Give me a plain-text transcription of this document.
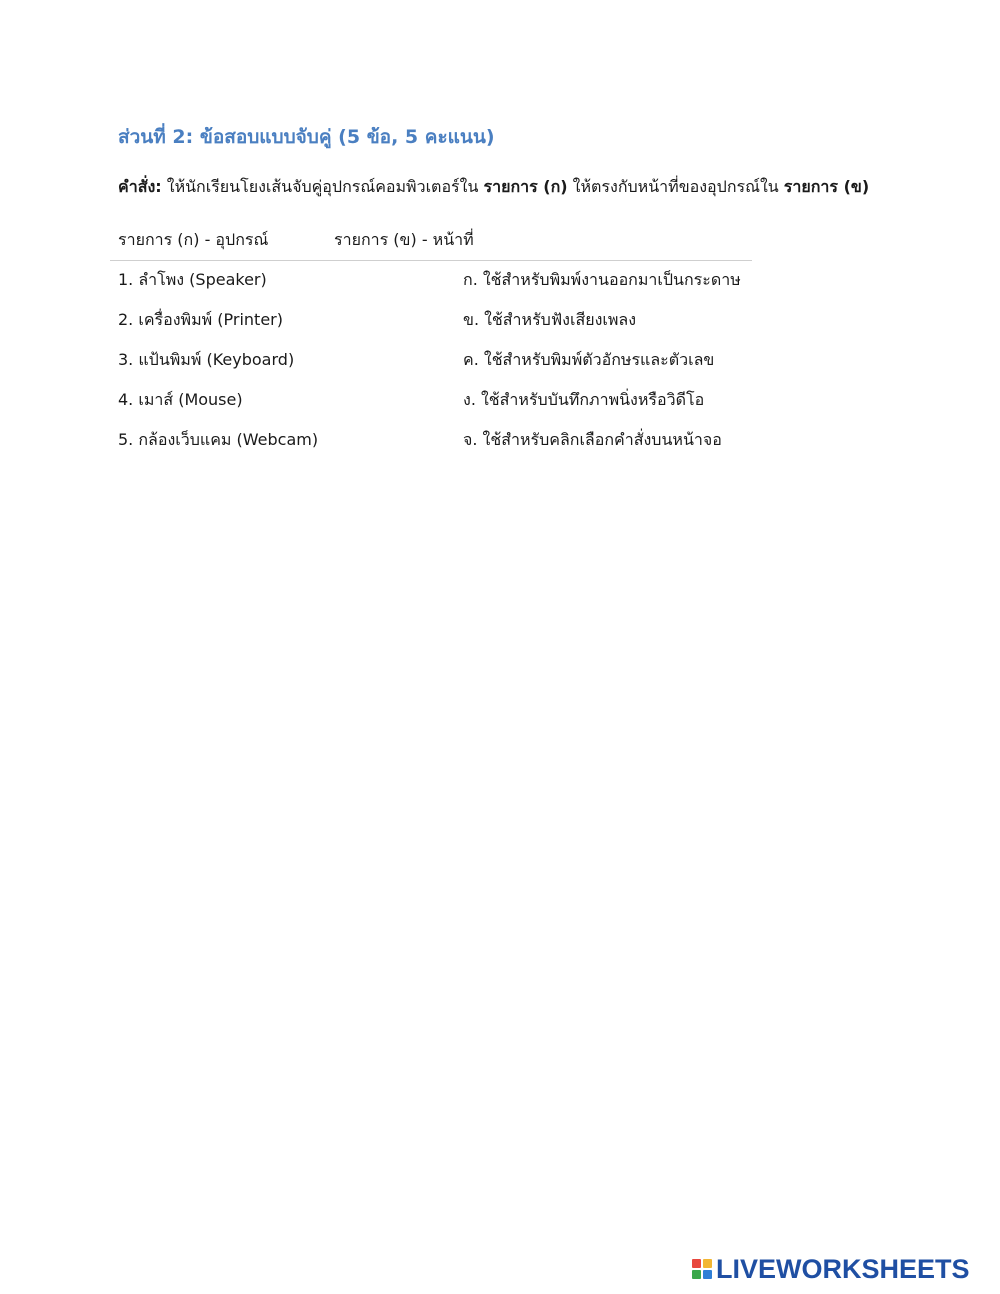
ส่วนที่ 2: ข้อสอบแบบจับคู่ (5 ข้อ, 5 คะแนน)
คำสั่ง: ให้นักเรียนโยงเส้นจับคู่อุปกรณ์คอมพิวเตอร์ใน รายการ (ก) ให้ตรงกับหน้าที่ของอุปกรณ์ใน รายการ (ข)
รายการ (ก) - อุปกรณ์	รายการ (ข) - หน้าที่
1. ลำโพง (Speaker)	ก. ใช้สำหรับพิมพ์งานออกมาเป็นกระดาษ
2. เครื่องพิมพ์ (Printer)	ข. ใช้สำหรับฟังเสียงเพลง
3. แป้นพิมพ์ (Keyboard)	ค. ใช้สำหรับพิมพ์ตัวอักษรและตัวเลข
4. เมาส์ (Mouse)	ง. ใช้สำหรับบันทึกภาพนิ่งหรือวิดีโอ
5. กล้องเว็บแคม (Webcam)	จ. ใช้สำหรับคลิกเลือกคำสั่งบนหน้าจอ
LIVEWORKSHEETS
